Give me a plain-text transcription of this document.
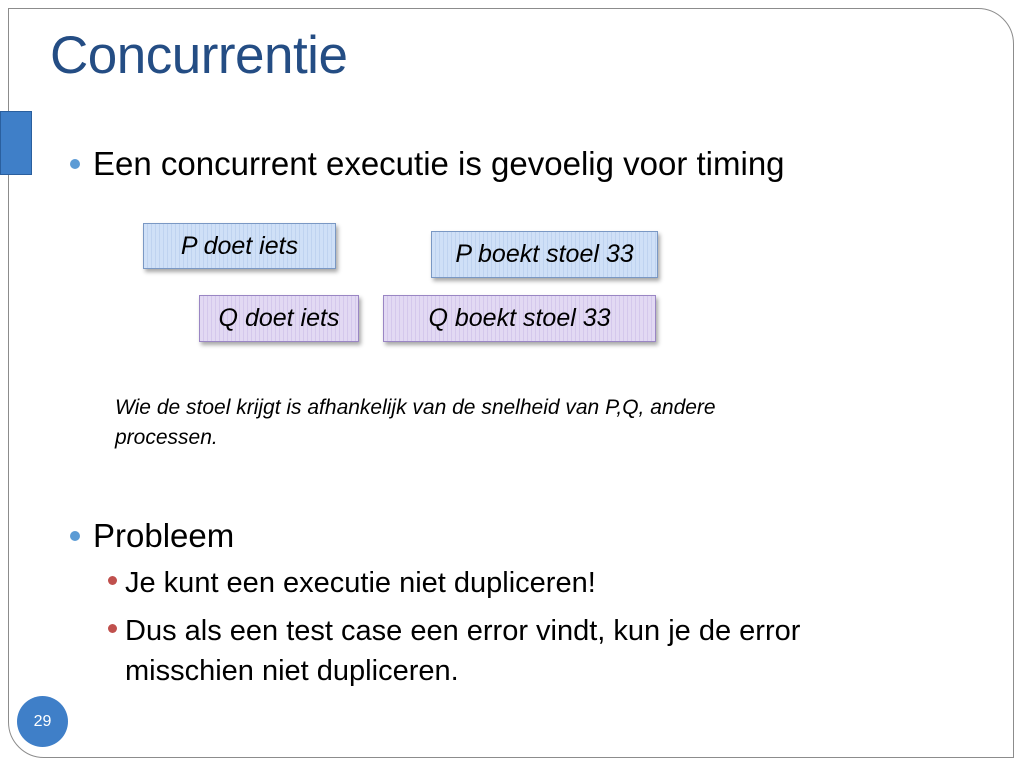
Concurrentie
Een concurrent executie is gevoelig voor timing
P doet iets	P boekt stoel 33
Q doet iets	Q boekt stoel 33
Wie de stoel krijgt is afhankelijk van de snelheid van P,Q, andere
processen.
Probleem
Je kunt een executie niet dupliceren!
Dus als een test case een error vindt, kun je de error
misschien niet dupliceren.
29
